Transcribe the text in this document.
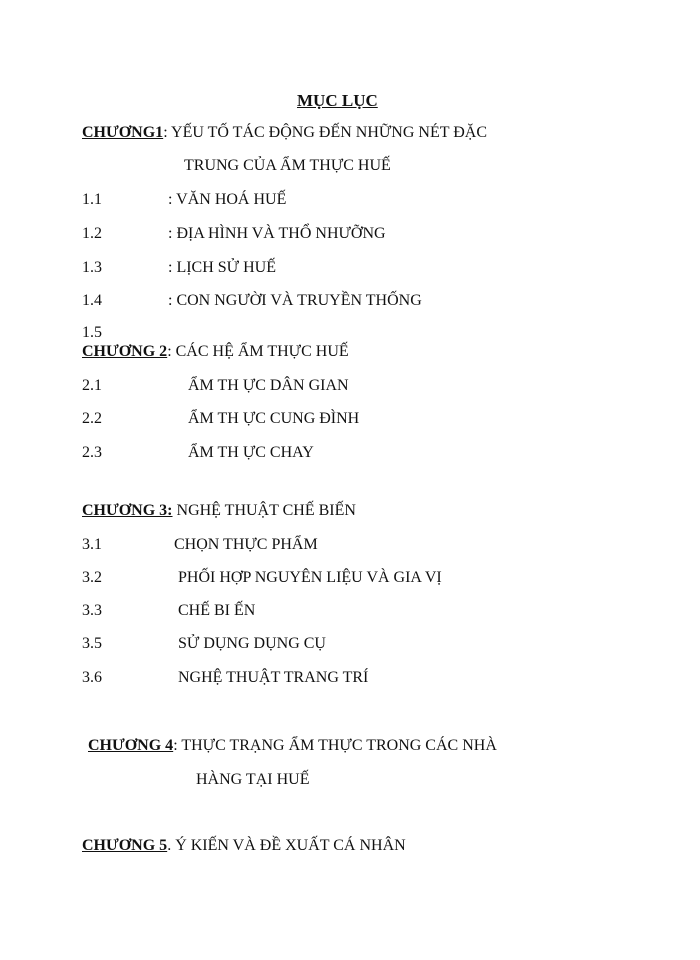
MỤC LỤC
CHƯƠNG1: YẾU TỐ TÁC ĐỘNG ĐẾN NHỮNG NÉT ĐẶC
TRUNG CỦA ẨM THỰC HUẾ
1.1	: VĂN HOÁ HUẾ
1.2	: ĐỊA HÌNH VÀ THỔ NHƯỠNG
1.3	: LỊCH SỬ HUẾ
1.4	: CON NGƯỜI VÀ TRUYỀN THỐNG
1.5
CHƯƠNG 2: CÁC HỆ ẨM THỰC HUẾ
2.1	ẨM TH ỰC DÂN GIAN
2.2	ẨM TH ỰC CUNG ĐÌNH
2.3	ẨM TH ỰC CHAY
CHƯƠNG 3: NGHỆ THUẬT CHẾ BIẾN
3.1	CHỌN THỰC PHẨM
3.2	PHỐI HỢP NGUYÊN LIỆU VÀ GIA VỊ
3.3	CHẾ BI ẾN
3.5	SỬ DỤNG DỤNG CỤ
3.6	NGHỆ THUẬT TRANG TRÍ
CHƯƠNG 4: THỰC TRẠNG ẨM THỰC TRONG CÁC NHÀ
HÀNG TẠI HUẾ
CHƯƠNG 5. Ý KIẾN VÀ ĐỀ XUẤT CÁ NHÂN
